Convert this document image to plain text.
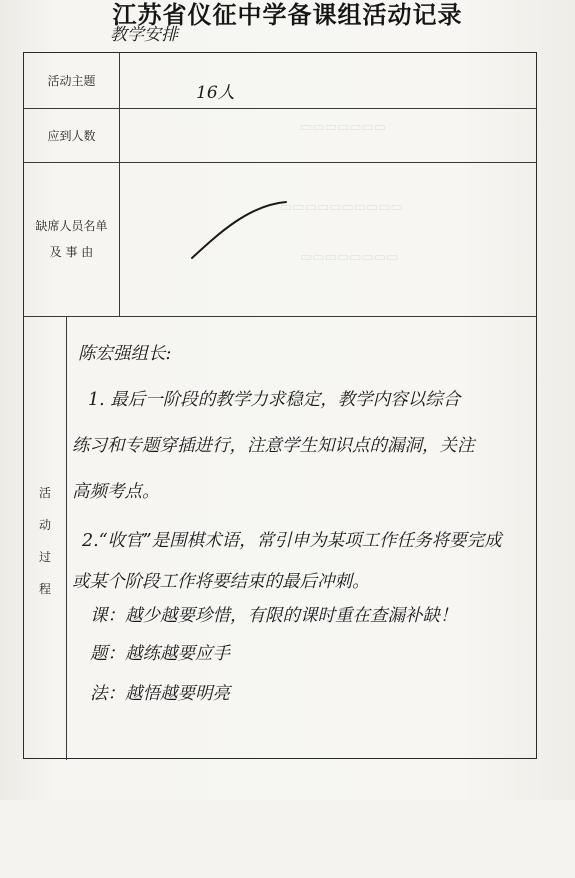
江苏省仪征中学备课组活动记录
活动主题
应到人数
缺席人员名单
及 事 由
活
动
过
程
▭▭▭▭▭▭▭
▭▭▭▭▭▭▭▭▭▭
▭▭▭▭▭▭▭▭
教学安排
16人
陈宏强组长:
1. 最后一阶段的教学力求稳定，教学内容以综合
练习和专题穿插进行，注意学生知识点的漏洞，关注
高频考点。
2.“收官”是围棋术语，常引申为某项工作任务将要完成
或某个阶段工作将要结束的最后冲刺。
课：越少越要珍惜，有限的课时重在查漏补缺！
题：越练越要应手
法：越悟越要明亮
